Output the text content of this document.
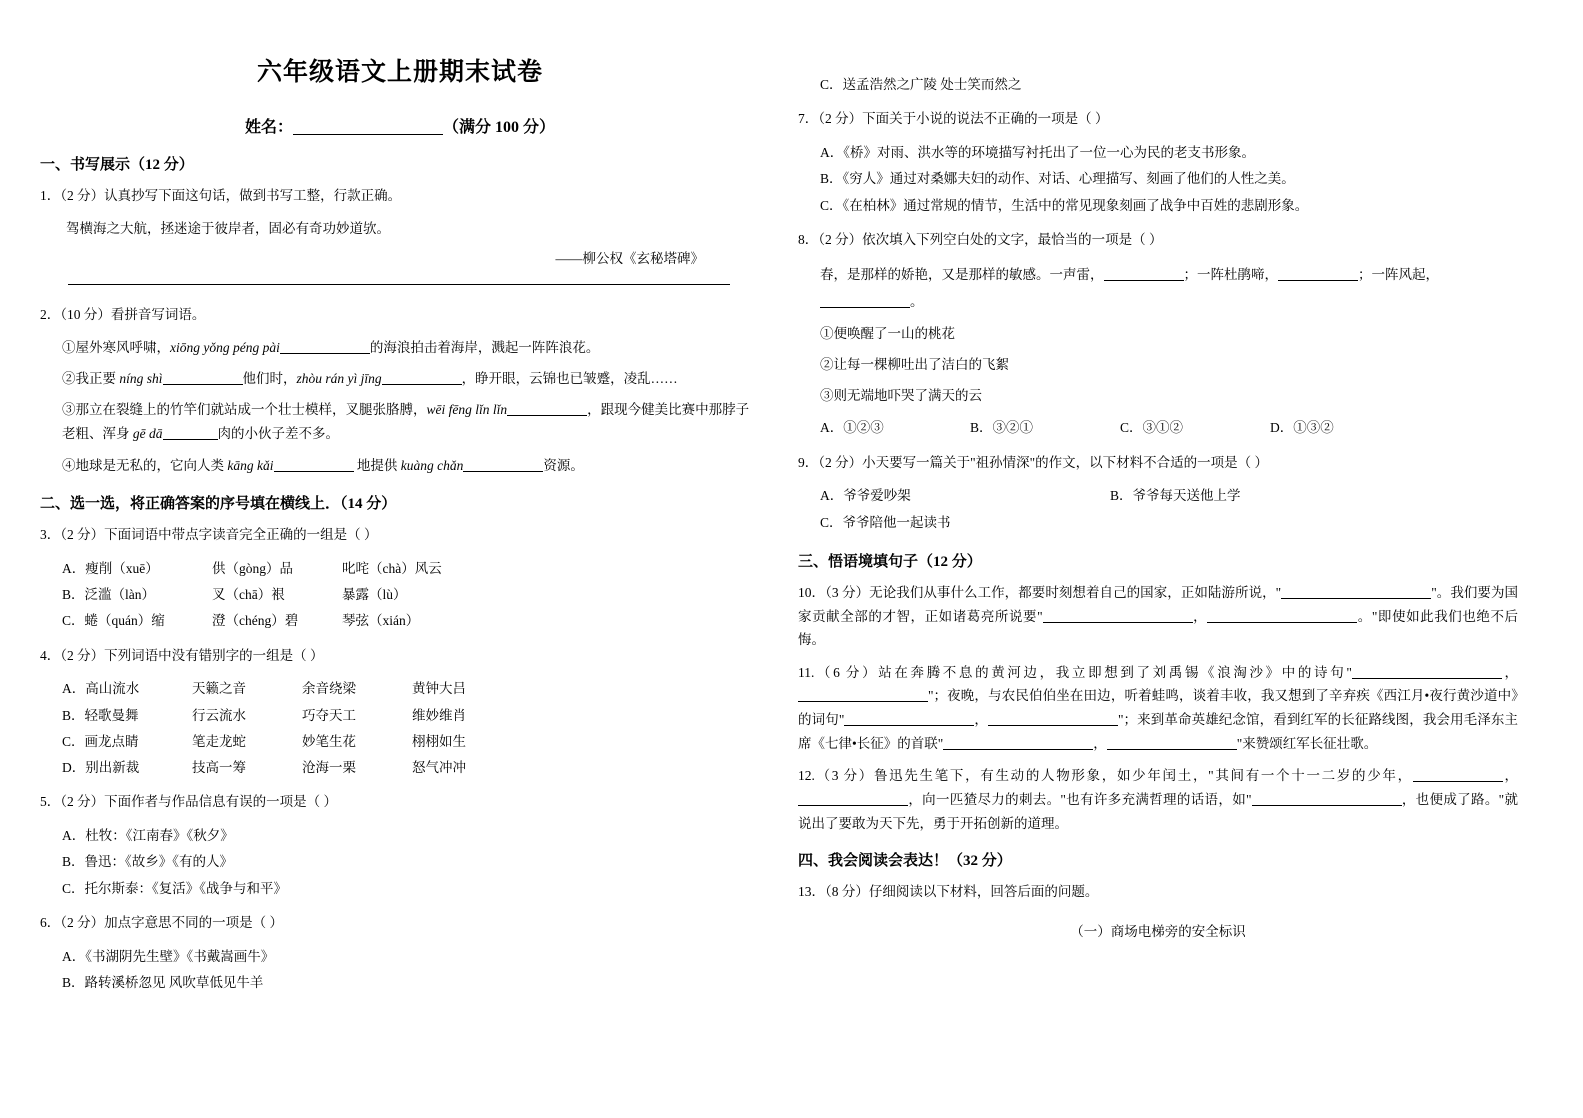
六年级语文上册期末试卷
姓名：	（满分 100 分）
一、书写展示（12 分）
1．（2 分）认真抄写下面这句话，做到书写工整，行款正确。
驾横海之大航，拯迷途于彼岸者，固必有奇功妙道欤。
——柳公权《玄秘塔碑》
2．（10 分）看拼音写词语。
①屋外寒风呼啸，xiōng yǒng péng pài	的海浪拍击着海岸，溅起一阵阵浪花。
②我正要 níng shì	他们时，zhòu rán yì jīng	，睁开眼，云锦也已皱蹙，凌乱……
③那立在裂缝上的竹竿们就站成一个壮士模样，叉腿张胳膊，wēi fēng lǐn lǐn	，跟现今健美比赛中那脖子老粗、浑身 gē dā	肉的小伙子差不多。
④地球是无私的，它向人类 kāng kǎi	地提供 kuàng chǎn	资源。
二、选一选，将正确答案的序号填在横线上．（14 分）
3．（2 分）下面词语中带点字读音完全正确的一组是（ ）
A．瘦削（xuē）	供（gòng）品	叱咤（chà）风云
B．泛滥（làn）	叉（chā）裉	暴露（lù）
C．蜷（quán）缩	澄（chéng）碧	琴弦（xián）
4．（2 分）下列词语中没有错别字的一组是（ ）
A．高山流水	天籁之音	余音绕梁	黄钟大吕
B．轻歌曼舞	行云流水	巧夺天工	维妙维肖
C．画龙点睛	笔走龙蛇	妙笔生花	栩栩如生
D．别出新裁	技高一筹	沧海一栗	怒气冲冲
5．（2 分）下面作者与作品信息有误的一项是（ ）
A．杜牧：《江南春》《秋夕》
B．鲁迅：《故乡》《有的人》
C．托尔斯泰：《复活》《战争与和平》
6．（2 分）加点字意思不同的一项是（ ）
A．《书湖阴先生壁》《书戴嵩画牛》
B．路转溪桥忽见 风吹草低见牛羊
C．送孟浩然之广陵 处士笑而然之
7．（2 分）下面关于小说的说法不正确的一项是（ ）
A．《桥》对雨、洪水等的环境描写衬托出了一位一心为民的老支书形象。
B．《穷人》通过对桑娜夫妇的动作、对话、心理描写、刻画了他们的人性之美。
C．《在柏林》通过常规的情节，生活中的常见现象刻画了战争中百姓的悲剧形象。
8．（2 分）依次填入下列空白处的文字，最恰当的一项是（ ）
春，是那样的娇艳，又是那样的敏感。一声雷，	；一阵杜鹃啼，	；一阵风起，。
①便唤醒了一山的桃花
②让每一棵柳吐出了洁白的飞絮
③则无端地吓哭了满天的云
A．①②③	B．③②①	C．③①②	D．①③②
9．（2 分）小天要写一篇关于"祖孙情深"的作文，以下材料不合适的一项是（ ）
A．爷爷爱吵架	B．爷爷每天送他上学
C．爷爷陪他一起读书
三、悟语境填句子（12 分）
10．（3 分）无论我们从事什么工作，都要时刻想着自己的国家，正如陆游所说，"	"。我们要为国家贡献全部的才智，正如诸葛亮所说要"	，	。"即使如此我们也绝不后悔。
11.（6 分）站在奔腾不息的黄河边，我立即想到了刘禹锡《浪淘沙》中的诗句"	，"；夜晚，与农民伯伯坐在田边，听着蛙鸣，谈着丰收，我又想到了辛弃疾《西江月•夜行黄沙道中》的词句"	，	"；来到革命英雄纪念馆，看到红军的长征路线图，我会用毛泽东主席《七律•长征》的首联"	，	"来赞颂红军长征壮歌。
12.（3 分）鲁迅先生笔下，有生动的人物形象，如少年闰土，"其间有一个十一二岁的少年，	，，向一匹猹尽力的刺去。"也有许多充满哲理的话语，如"	，也便成了路。"就说出了要敢为天下先，勇于开拓创新的道理。
四、我会阅读会表达！（32 分）
13．（8 分）仔细阅读以下材料，回答后面的问题。
（一）商场电梯旁的安全标识
